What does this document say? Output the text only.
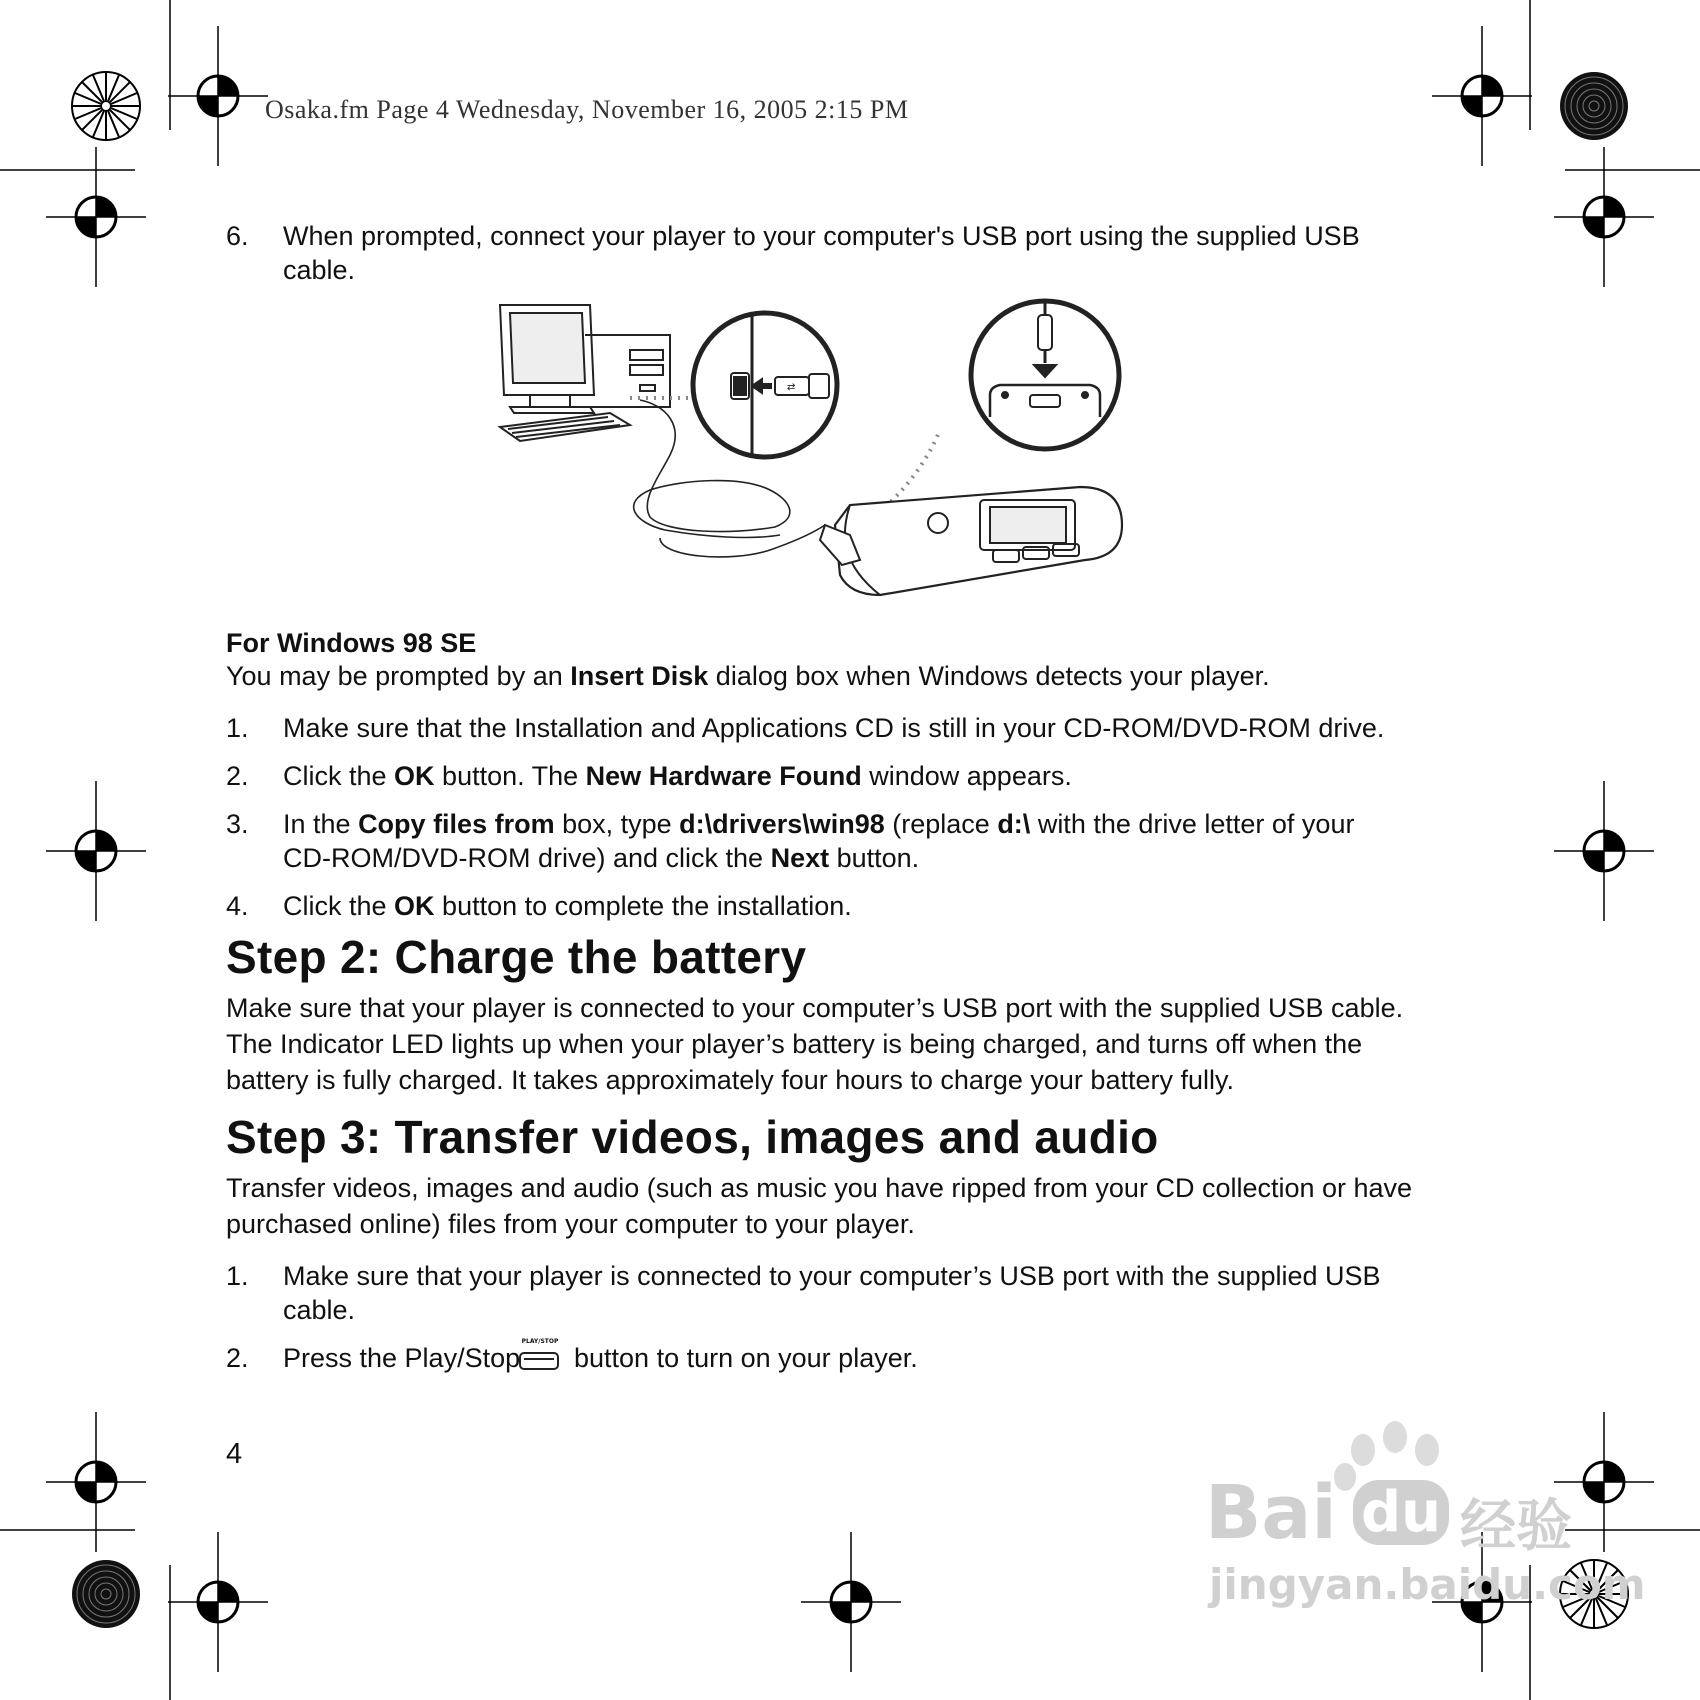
Osaka.fm Page 4 Wednesday, November 16, 2005 2:15 PM
6. When prompted, connect your player to your computer's USB port using the supplied USB
cable.
⇄
For Windows 98 SE
You may be prompted by an Insert Disk dialog box when Windows detects your player.
1. Make sure that the Installation and Applications CD is still in your CD-ROM/DVD-ROM drive.
2. Click the OK button. The New Hardware Found window appears.
3. In the Copy files from box, type d:\drivers\win98 (replace d:\ with the drive letter of your
CD-ROM/DVD-ROM drive) and click the Next button.
4. Click the OK button to complete the installation.
Step 2: Charge the battery
Make sure that your player is connected to your computer’s USB port with the supplied USB cable.
The Indicator LED lights up when your player’s battery is being charged, and turns off when the
battery is fully charged. It takes approximately four hours to charge your battery fully.
Step 3: Transfer videos, images and audio
Transfer videos, images and audio (such as music you have ripped from your CD collection or have
purchased online) files from your computer to your player.
1. Make sure that your player is connected to your computer’s USB port with the supplied USB
cable.
2. Press the Play/Stop
PLAY/STOP
button to turn on your player.
4
Bai du 经验
jingyan.baidu.com
